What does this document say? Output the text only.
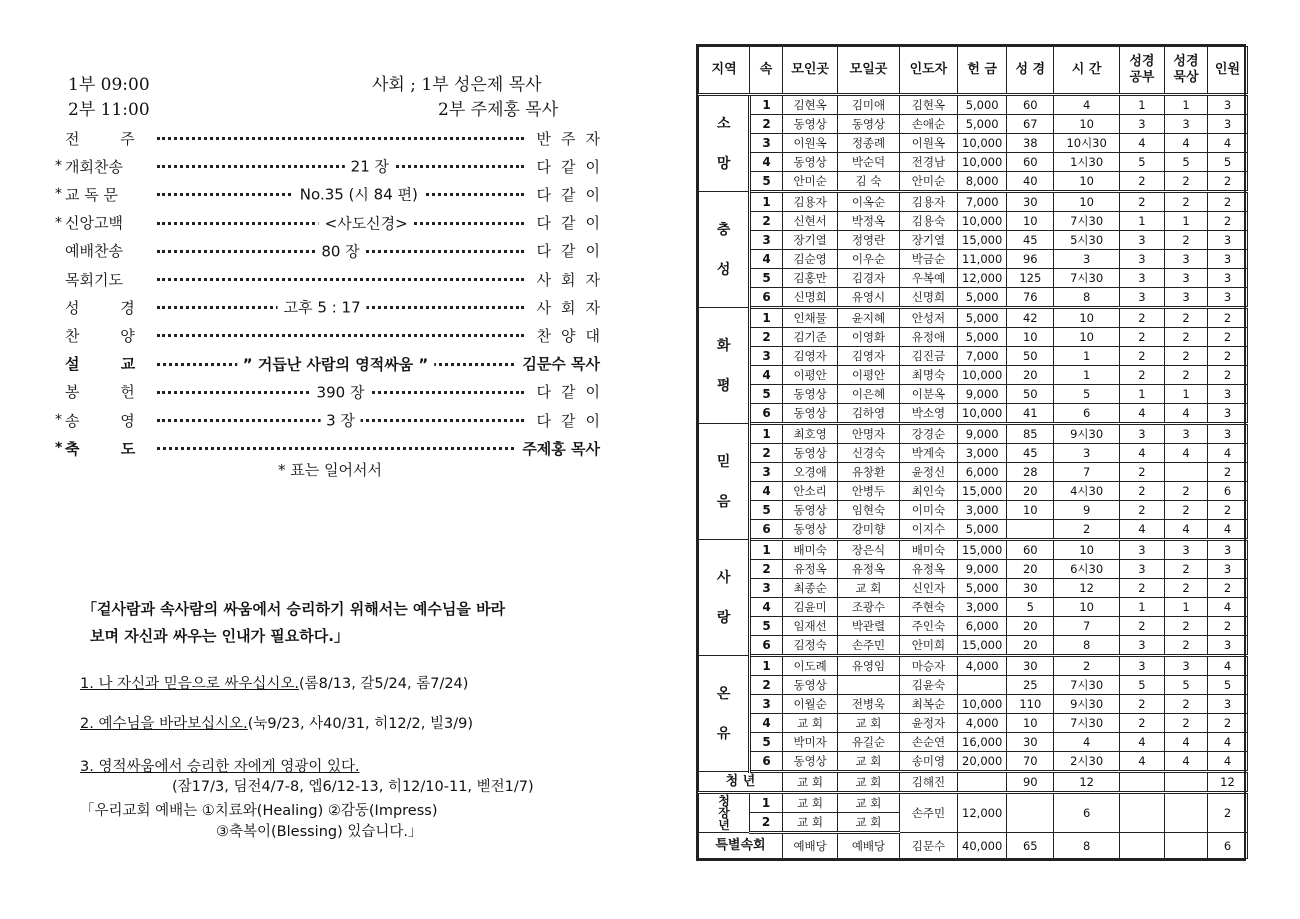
1부 09:00
2부 11:00
사회 ; 1부 성은제 목사
2부 주제홍 목사
전 주	반주자
* 개회찬송	21 장	다같이
* 교 독 문	No.35 (시 84 편)	다같이
* 신앙고백	<사도신경>	다같이
예배찬송	80 장	다같이
목회기도	사회자
성 경	고후 5 : 17	사회자
찬 양	찬양대
설 교	” 거듭난 사람의 영적싸움 ”	김문수 목사
봉 헌	390 장	다같이
* 송 영	3 장	다같이
* 축 도	주제홍 목사
* 표는 일어서서
「겉사람과 속사람의 싸움에서 승리하기 위해서는 예수님을 바라
보며 자신과 싸우는 인내가 필요하다.」
1. 나 자신과 믿음으로 싸우십시오.(롬8/13, 갈5/24, 롬7/24)
2. 예수님을 바라보십시오.(눅9/23, 사40/31, 히12/2, 빌3/9)
3. 영적싸움에서 승리한 자에게 영광이 있다.
(잠17/3, 딤전4/7-8, 엡6/12-13, 히12/10-11, 벧전1/7)
「우리교회 예배는 ①치료와(Healing) ②감동(Impress)
③축복이(Blessing) 있습니다.」
지역	속	모인곳	모일곳	인도자	헌 금	성 경	시 간	성경
공부	성경
묵상	인원
소

망	1	김현옥	김미애	김현옥	5,000	60	4	1	1	3
	2	동영상	동영상	손애순	5,000	67	10	3	3	3
	3	이원옥	정종례	이원옥	10,000	38	10시30	4	4	4
	4	동영상	박순덕	전경남	10,000	60	1시30	5	5	5
	5	안미순	김 숙	안미순	8,000	40	10	2	2	2
충

성	1	김용자	이옥순	김용자	7,000	30	10	2	2	2
	2	신현서	박정옥	김용숙	10,000	10	7시30	1	1	2
	3	장기열	정영란	장기열	15,000	45	5시30	3	2	3
	4	김순영	이우순	박금순	11,000	96	3	3	3	3
	5	김홍만	김경자	우복예	12,000	125	7시30	3	3	3
	6	신명희	유영시	신명희	5,000	76	8	3	3	3
화

평	1	인채물	윤지혜	안성저	5,000	42	10	2	2	2
	2	김기준	이영화	유정애	5,000	10	10	2	2	2
	3	김영자	김영자	김진금	7,000	50	1	2	2	2
	4	이평안	이평안	최명숙	10,000	20	1	2	2	2
	5	동영상	이은혜	이분옥	9,000	50	5	1	1	3
	6	동영상	김하영	박소영	10,000	41	6	4	4	3
믿

음	1	최호영	안명자	강경순	9,000	85	9시30	3	3	3
	2	동영상	신경숙	박계숙	3,000	45	3	4	4	4
	3	오경애	유창환	윤정신	6,000	28	7	2		2
	4	안소리	안병두	최인숙	15,000	20	4시30	2	2	6
	5	동영상	임현숙	이미숙	3,000	10	9	2	2	2
	6	동영상	강미향	이지수	5,000		2	4	4	4
사

랑	1	배미숙	장은식	배미숙	15,000	60	10	3	3	3
	2	유정옥	유정옥	유정옥	9,000	20	6시30	3	2	3
	3	최종순	교 회	신인자	5,000	30	12	2	2	2
	4	김윤미	조광수	주현숙	3,000	5	10	1	1	4
	5	임재선	박관렬	주인숙	6,000	20	7	2	2	2
	6	김정숙	손주민	안미희	15,000	20	8	3	2	3
온

유	1	이도례	유영임	마승자	4,000	30	2	3	3	4
	2	동영상		김윤숙		25	7시30	5	5	5
	3	이월순	전병욱	최복순	10,000	110	9시30	2	2	3
	4	교 회	교 회	윤정자	4,000	10	7시30	2	2	2
	5	박미자	유길순	손순연	16,000	30	4	4	4	4
	6	동영상	교 회	송미영	20,000	70	2시30	4	4	4
청 년		교 회	교 회	김해진		90	12			12
청
장
년	1	교 회	교 회	손주민	12,000		6			2
	2	교 회	교 회							
특별속회		예배당	예배당	김문수	40,000	65	8			6
